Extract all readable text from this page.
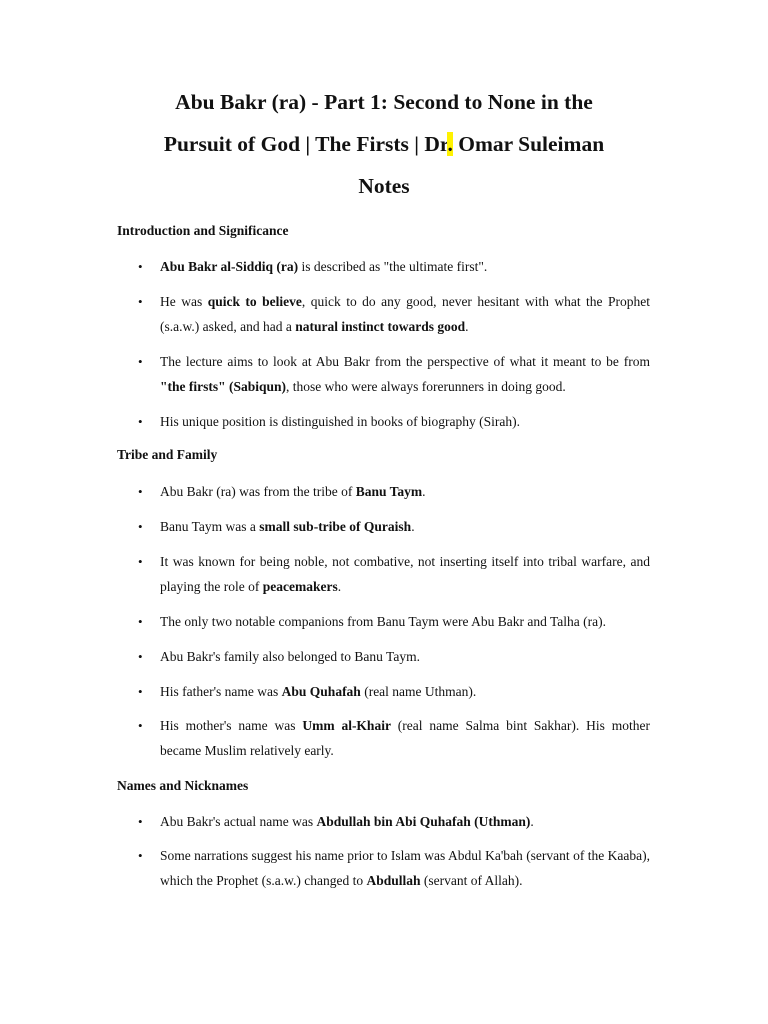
Abu Bakr (ra) - Part 1: Second to None in the
Pursuit of God | The Firsts | Dr. Omar Suleiman
Notes
Introduction and Significance
• Abu Bakr al-Siddiq (ra) is described as "the ultimate first".
• He was quick to believe, quick to do any good, never hesitant with what the Prophet (s.a.w.) asked, and had a natural instinct towards good.
• The lecture aims to look at Abu Bakr from the perspective of what it meant to be from "the firsts" (Sabiqun), those who were always forerunners in doing good.
• His unique position is distinguished in books of biography (Sirah).
Tribe and Family
• Abu Bakr (ra) was from the tribe of Banu Taym.
• Banu Taym was a small sub-tribe of Quraish.
• It was known for being noble, not combative, not inserting itself into tribal warfare, and playing the role of peacemakers.
• The only two notable companions from Banu Taym were Abu Bakr and Talha (ra).
• Abu Bakr's family also belonged to Banu Taym.
• His father's name was Abu Quhafah (real name Uthman).
• His mother's name was Umm al-Khair (real name Salma bint Sakhar). His mother became Muslim relatively early.
Names and Nicknames
• Abu Bakr's actual name was Abdullah bin Abi Quhafah (Uthman).
• Some narrations suggest his name prior to Islam was Abdul Ka'bah (servant of the Kaaba), which the Prophet (s.a.w.) changed to Abdullah (servant of Allah).
